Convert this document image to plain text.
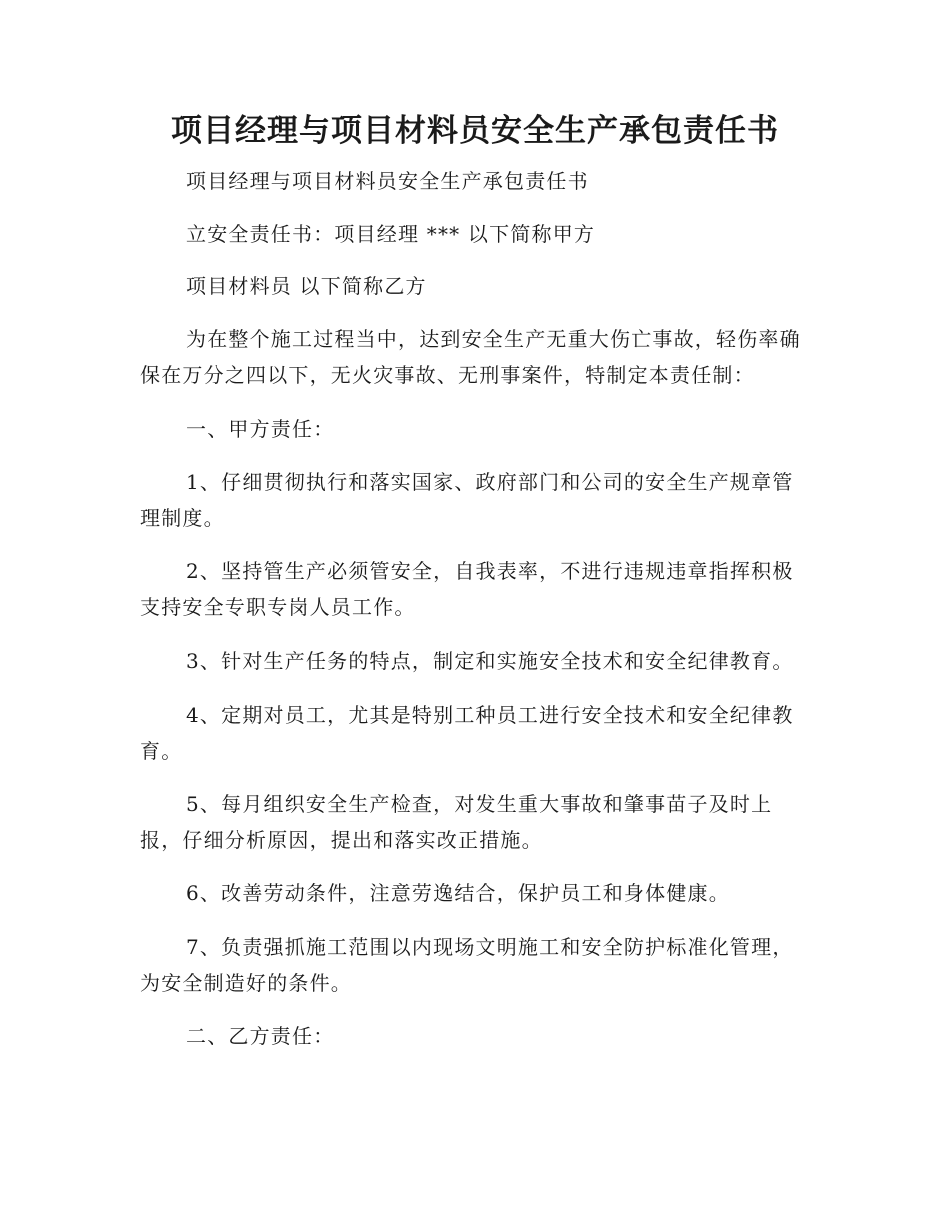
项目经理与项目材料员安全生产承包责任书

项目经理与项目材料员安全生产承包责任书

立安全责任书：项目经理 *** 以下简称甲方

项目材料员 以下简称乙方

为在整个施工过程当中，达到安全生产无重大伤亡事故，轻伤率确保在万分之四以下，无火灾事故、无刑事案件，特制定本责任制：

一、甲方责任：

1、仔细贯彻执行和落实国家、政府部门和公司的安全生产规章管理制度。

2、坚持管生产必须管安全，自我表率，不进行违规违章指挥积极支持安全专职专岗人员工作。

3、针对生产任务的特点，制定和实施安全技术和安全纪律教育。

4、定期对员工，尤其是特别工种员工进行安全技术和安全纪律教育。

5、每月组织安全生产检查，对发生重大事故和肇事苗子及时上报，仔细分析原因，提出和落实改正措施。

6、改善劳动条件，注意劳逸结合，保护员工和身体健康。

7、负责强抓施工范围以内现场文明施工和安全防护标准化管理，为安全制造好的条件。

二、乙方责任：
